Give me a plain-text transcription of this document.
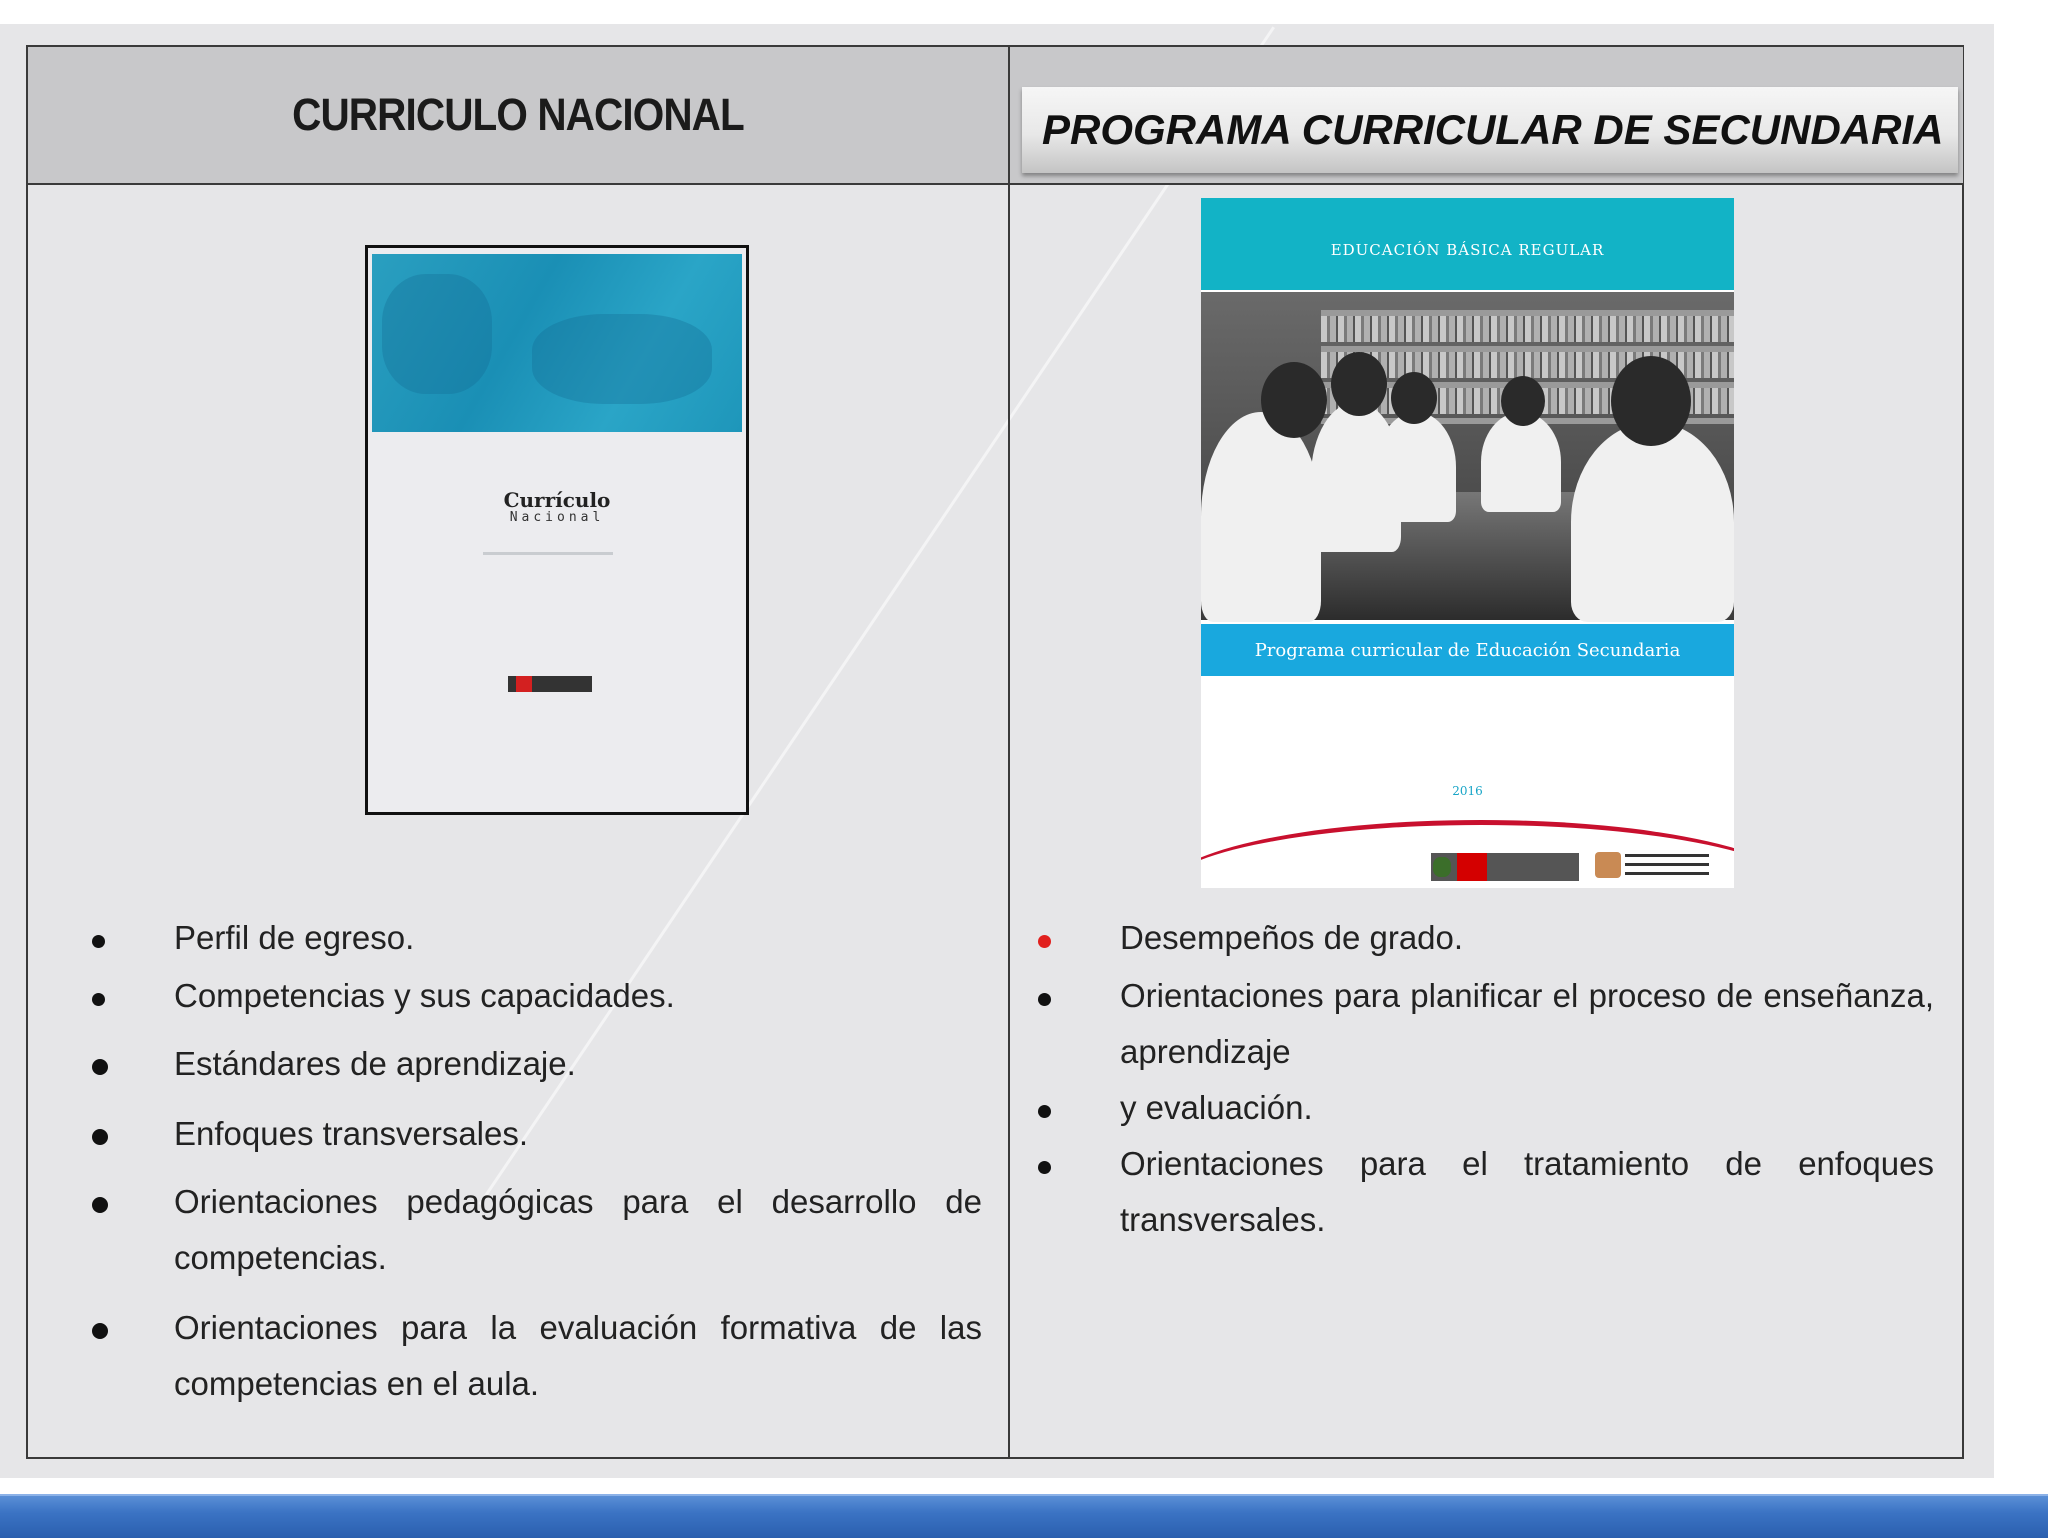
CURRICULO NACIONAL	PROGRAMA CURRICULAR DE SECUNDARIA
Currículo
Nacional
EDUCACIÓN BÁSICA REGULAR
Programa curricular de Educación Secundaria
2016
Perfil de egreso.
Competencias y sus capacidades.
Estándares de aprendizaje.
Enfoques transversales.
Orientaciones pedagógicas para el desarrollo de competencias.
Orientaciones para la evaluación formativa de las competencias en el aula.
Desempeños de grado.
Orientaciones para planificar el proceso de enseñanza, aprendizaje
y evaluación.
Orientaciones para el tratamiento de enfoques transversales.
